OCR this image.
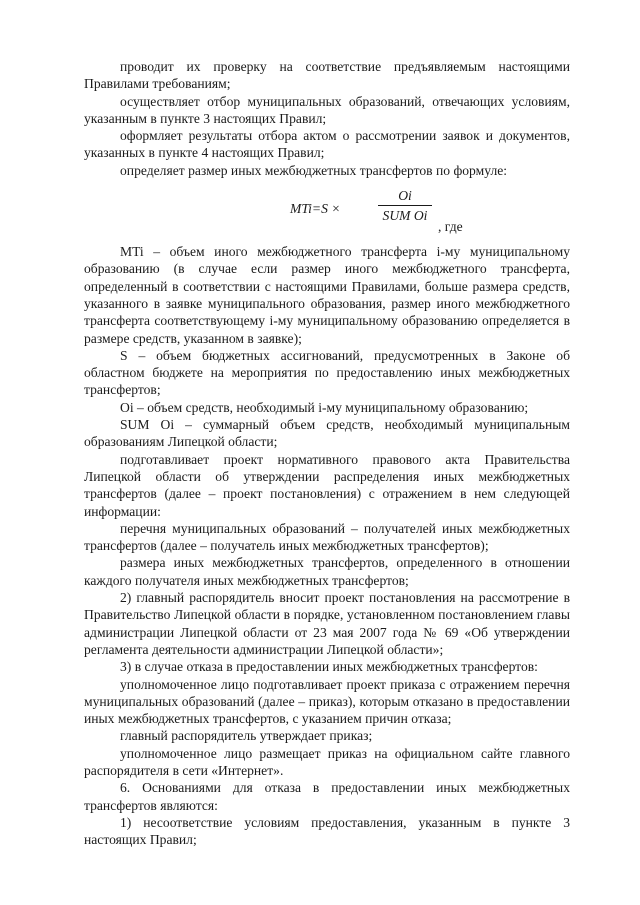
проводит их проверку на соответствие предъявляемым настоящими Правилами требованиям;

осуществляет отбор муниципальных образований, отвечающих условиям, указанным в пункте 3 настоящих Правил;

оформляет результаты отбора актом о рассмотрении заявок и документов, указанных в пункте 4 настоящих Правил;

определяет размер иных межбюджетных трансфертов по формуле:

MTi=S ×
Oi
SUM Oi
, где

MTi – объем иного межбюджетного трансферта i-му муниципальному образованию (в случае если размер иного межбюджетного трансферта, определенный в соответствии с настоящими Правилами, больше размера средств, указанного в заявке муниципального образования, размер иного межбюджетного трансферта соответствующему i-му муниципальному образованию определяется в размере средств, указанном в заявке);

S – объем бюджетных ассигнований, предусмотренных в Законе об областном бюджете на мероприятия по предоставлению иных межбюджетных трансфертов;

Oi – объем средств, необходимый i-му муниципальному образованию;

SUM Oi – суммарный объем средств, необходимый муниципальным образованиям Липецкой области;

подготавливает проект нормативного правового акта Правительства Липецкой области об утверждении распределения иных межбюджетных трансфертов (далее – проект постановления) с отражением в нем следующей информации:

перечня муниципальных образований – получателей иных межбюджетных трансфертов (далее – получатель иных межбюджетных трансфертов);

размера иных межбюджетных трансфертов, определенного в отношении каждого получателя иных межбюджетных трансфертов;

2) главный распорядитель вносит проект постановления на рассмотрение в Правительство Липецкой области в порядке, установленном постановлением главы администрации Липецкой области от 23 мая 2007 года № 69 «Об утверждении регламента деятельности администрации Липецкой области»;

3) в случае отказа в предоставлении иных межбюджетных трансфертов:

уполномоченное лицо подготавливает проект приказа с отражением перечня муниципальных образований (далее – приказ), которым отказано в предоставлении иных межбюджетных трансфертов, с указанием причин отказа;

главный распорядитель утверждает приказ;

уполномоченное лицо размещает приказ на официальном сайте главного распорядителя в сети «Интернет».

6. Основаниями для отказа в предоставлении иных межбюджетных трансфертов являются:

1) несоответствие условиям предоставления, указанным в пункте 3 настоящих Правил;
